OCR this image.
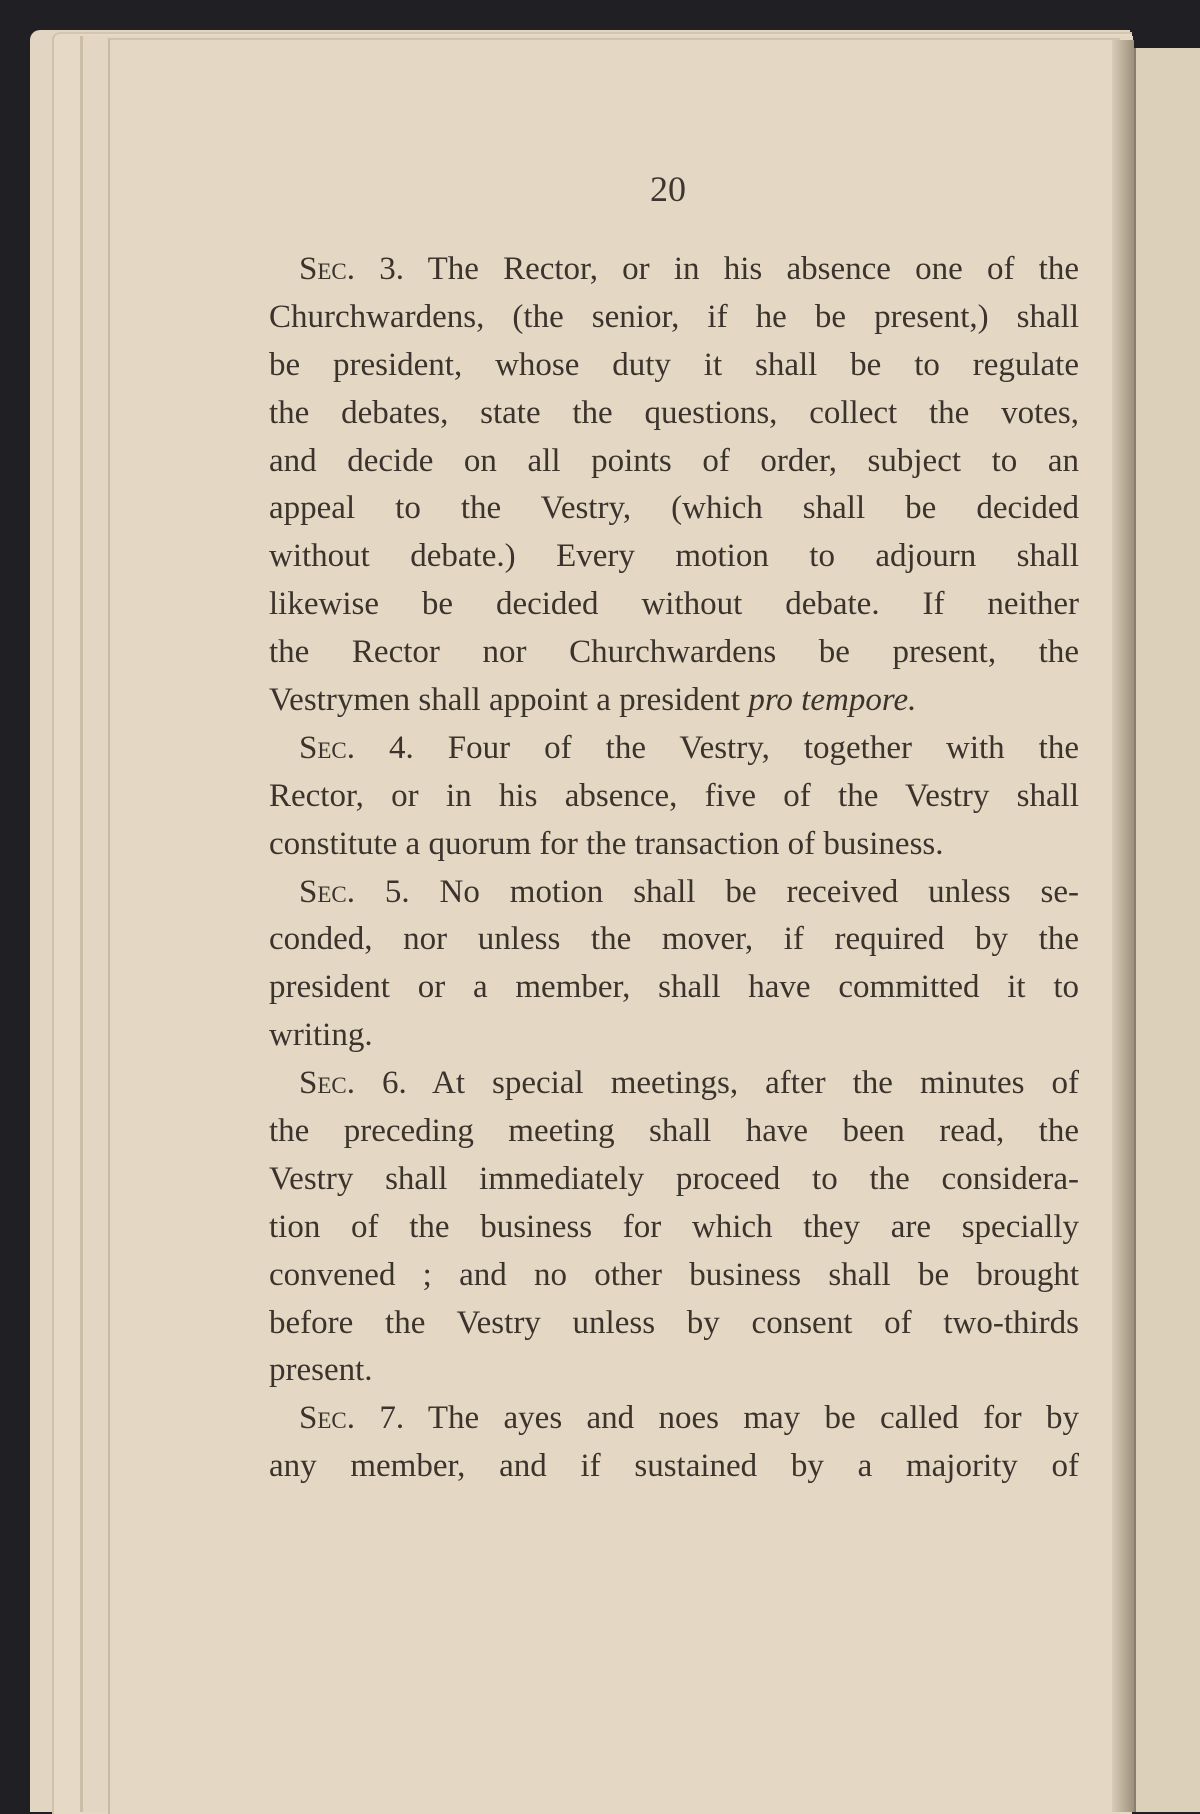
20
Sec. 3. The Rector, or in his absence one of the
Churchwardens, (the senior, if he be present,) shall
be president, whose duty it shall be to regulate
the debates, state the questions, collect the votes,
and decide on all points of order, subject to an
appeal to the Vestry, (which shall be decided
without debate.) Every motion to adjourn shall
likewise be decided without debate. If neither
the Rector nor Churchwardens be present, the
Vestrymen shall appoint a president pro tempore.
Sec. 4. Four of the Vestry, together with the
Rector, or in his absence, five of the Vestry shall
constitute a quorum for the transaction of business.
Sec. 5. No motion shall be received unless se-
conded, nor unless the mover, if required by the
president or a member, shall have committed it to
writing.
Sec. 6. At special meetings, after the minutes of
the preceding meeting shall have been read, the
Vestry shall immediately proceed to the considera-
tion of the business for which they are specially
convened ; and no other business shall be brought
before the Vestry unless by consent of two-thirds
present.
Sec. 7. The ayes and noes may be called for by
any member, and if sustained by a majority of
